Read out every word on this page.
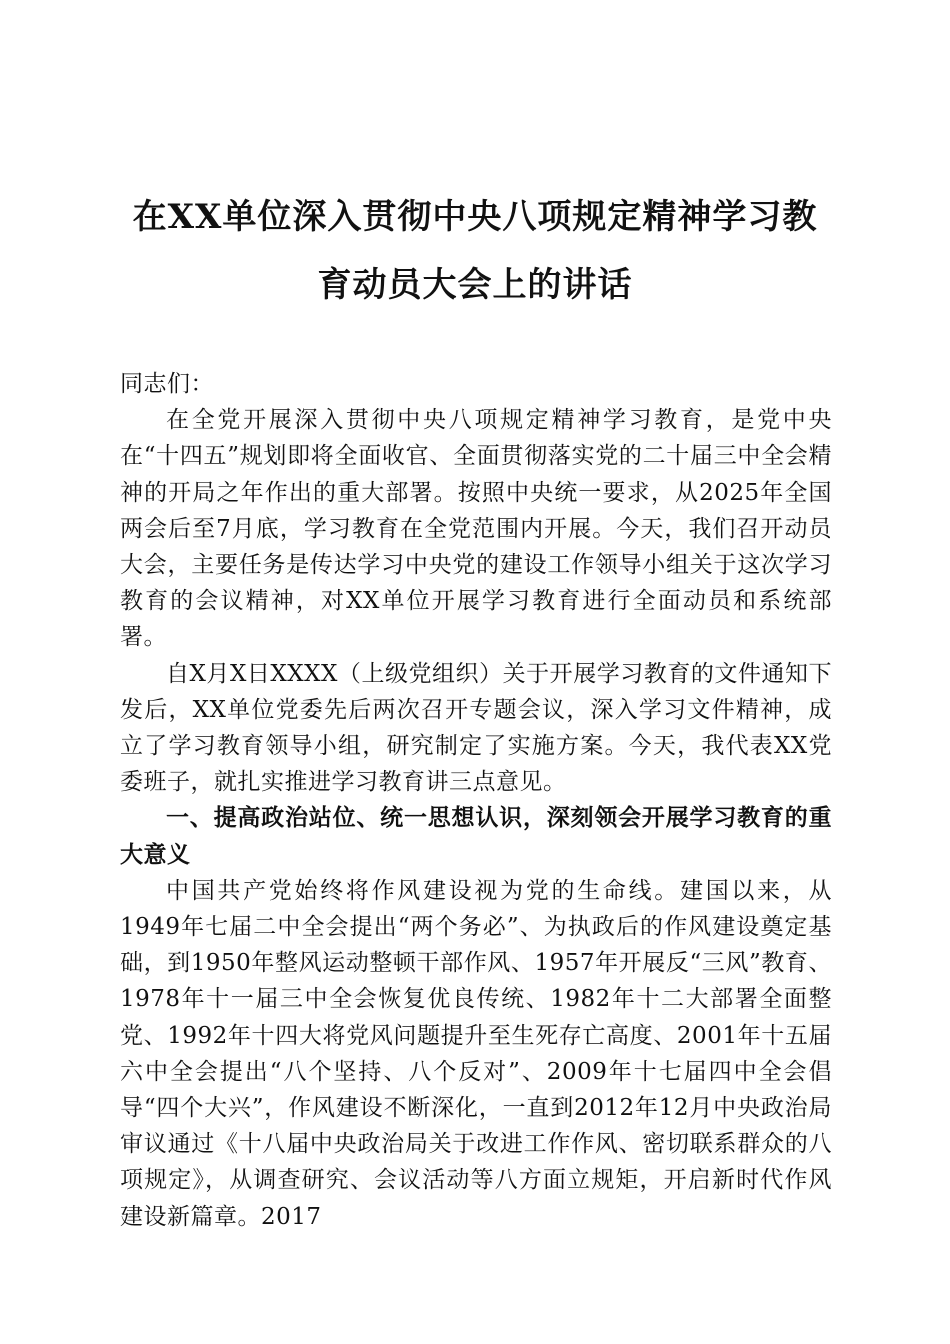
在XX单位深入贯彻中央八项规定精神学习教
育动员大会上的讲话

同志们：

在全党开展深入贯彻中央八项规定精神学习教育，是党中央在“十四五”规划即将全面收官、全面贯彻落实党的二十届三中全会精神的开局之年作出的重大部署。按照中央统一要求，从2025年全国两会后至7月底，学习教育在全党范围内开展。今天，我们召开动员大会，主要任务是传达学习中央党的建设工作领导小组关于这次学习教育的会议精神，对XX单位开展学习教育进行全面动员和系统部署。

自X月X日XXXX（上级党组织）关于开展学习教育的文件通知下发后，XX单位党委先后两次召开专题会议，深入学习文件精神，成立了学习教育领导小组，研究制定了实施方案。今天，我代表XX党委班子，就扎实推进学习教育讲三点意见。

一、提高政治站位、统一思想认识，深刻领会开展学习教育的重大意义

中国共产党始终将作风建设视为党的生命线。建国以来，从1949年七届二中全会提出“两个务必”、为执政后的作风建设奠定基础，到1950年整风运动整顿干部作风、1957年开展反“三风”教育、1978年十一届三中全会恢复优良传统、1982年十二大部署全面整党、1992年十四大将党风问题提升至生死存亡高度、2001年十五届六中全会提出“八个坚持、八个反对”、2009年十七届四中全会倡导“四个大兴”，作风建设不断深化，一直到2012年12月中央政治局审议通过《十八届中央政治局关于改进工作作风、密切联系群众的八项规定》，从调查研究、会议活动等八方面立规矩，开启新时代作风建设新篇章。2017
